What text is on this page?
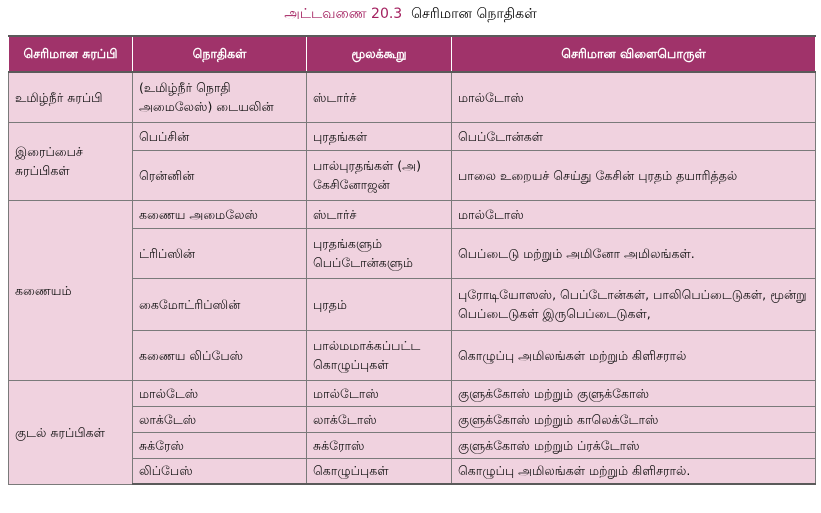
அட்டவணை 20.3 செரிமான நொதிகள்
செரிமான சுரப்பி	நொதிகள்	மூலக்கூறு	செரிமான விளைபொருள்
உமிழ்நீர் சுரப்பி	(உமிழ்நீர் நொதி அமைலேஸ்) டையலின்	ஸ்டார்ச்	மால்டோஸ்
இரைப்பைச் சுரப்பிகள்	பெப்சின்	புரதங்கள்	பெப்டோன்கள்
	ரென்னின்	பால்புரதங்கள் (அ) கேசினோஜன்	பாலை உறையச் செய்து கேசின் புரதம் தயாரித்தல்
கணையம்	கணைய அமைலேஸ்	ஸ்டார்ச்	மால்டோஸ்
	ட்ரிப்ஸின்	புரதங்களும் பெப்டோன்களும்	பெப்டைடு மற்றும் அமினோ அமிலங்கள்.
	கைமோட்ரிப்ஸின்	புரதம்	புரோடியோஸஸ், பெப்டோன்கள், பாலிபெப்டைடுகள், மூன்று பெப்டைடுகள் இருபெப்டைடுகள்,
	கணைய லிப்பேஸ்	பால்மமாக்கப்பட்ட கொழுப்புகள்	கொழுப்பு அமிலங்கள் மற்றும் கிளிசரால்
குடல் சுரப்பிகள்	மால்டேஸ்	மால்டோஸ்	குளுக்கோஸ் மற்றும் குளுக்கோஸ்
	லாக்டேஸ்	லாக்டோஸ்	குளுக்கோஸ் மற்றும் காலெக்டோஸ்
	சுக்ரேஸ்	சுக்ரோஸ்	குளுக்கோஸ் மற்றும் ப்ரக்டோஸ்
	லிப்பேஸ்	கொழுப்புகள்	கொழுப்பு அமிலங்கள் மற்றும் கிளிசரால்.
